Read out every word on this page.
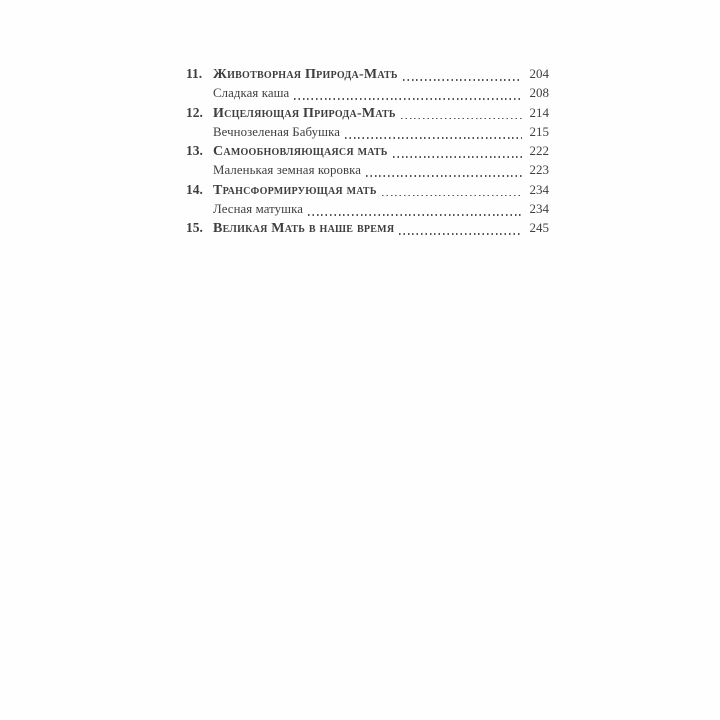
11. Животворная Природа-Мать	204
Сладкая каша	208
12. Исцеляющая Природа-Мать	214
Вечнозеленая Бабушка	215
13. Самообновляющаяся мать	222
Маленькая земная коровка	223
14. Трансформирующая мать	234
Лесная матушка	234
15. Великая Мать в наше время	245
